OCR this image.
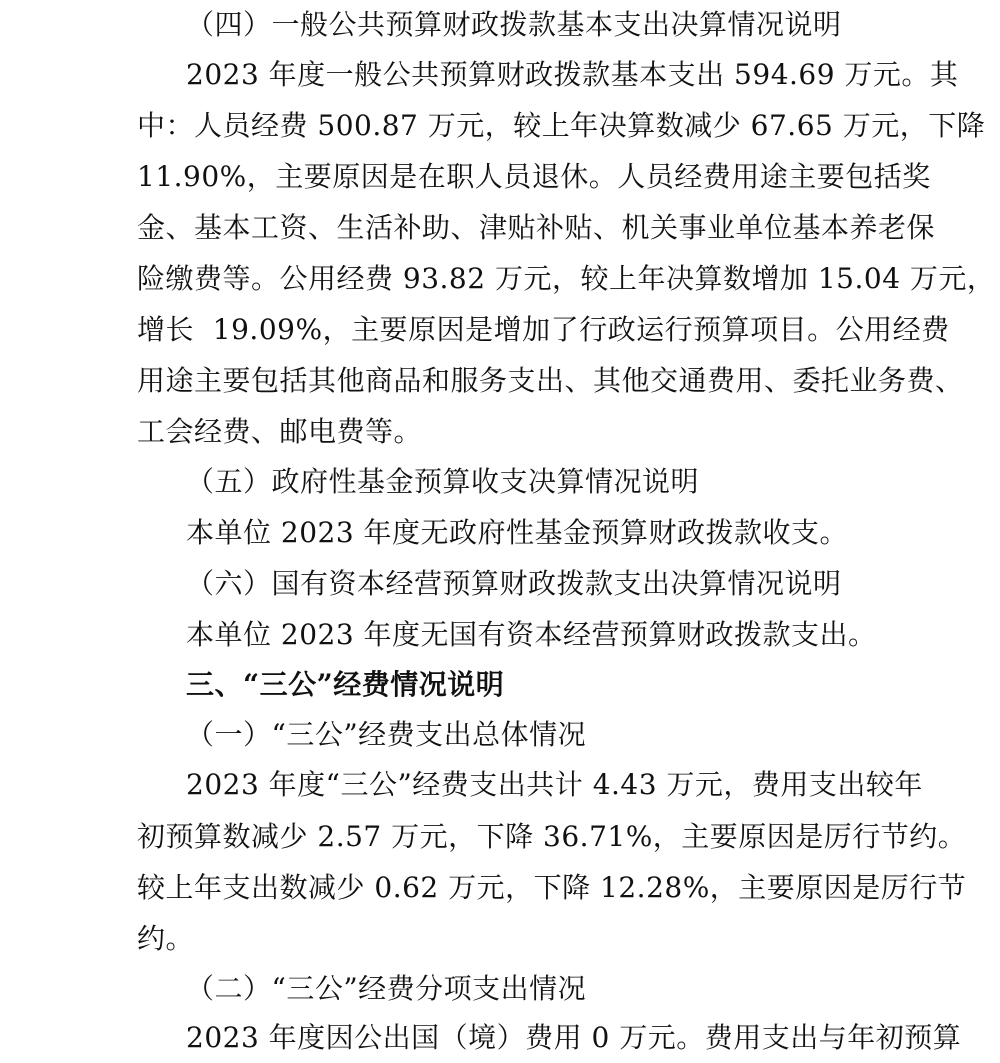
（四）一般公共预算财政拨款基本支出决算情况说明
2023 年度一般公共预算财政拨款基本支出 594.69 万元。其
中：人员经费 500.87 万元，较上年决算数减少 67.65 万元，下降
11.90%，主要原因是在职人员退休。人员经费用途主要包括奖
金、基本工资、生活补助、津贴补贴、机关事业单位基本养老保
险缴费等。公用经费 93.82 万元，较上年决算数增加 15.04 万元，
增长  19.09%，主要原因是增加了行政运行预算项目。公用经费
用途主要包括其他商品和服务支出、其他交通费用、委托业务费、
工会经费、邮电费等。
（五）政府性基金预算收支决算情况说明
本单位 2023 年度无政府性基金预算财政拨款收支。
（六）国有资本经营预算财政拨款支出决算情况说明
本单位 2023 年度无国有资本经营预算财政拨款支出。
三、“三公”经费情况说明
（一）“三公”经费支出总体情况
2023 年度“三公”经费支出共计 4.43 万元，费用支出较年
初预算数减少 2.57 万元，下降 36.71%，主要原因是厉行节约。
较上年支出数减少 0.62 万元，下降 12.28%，主要原因是厉行节
约。
（二）“三公”经费分项支出情况
2023 年度因公出国（境）费用 0 万元。费用支出与年初预算
